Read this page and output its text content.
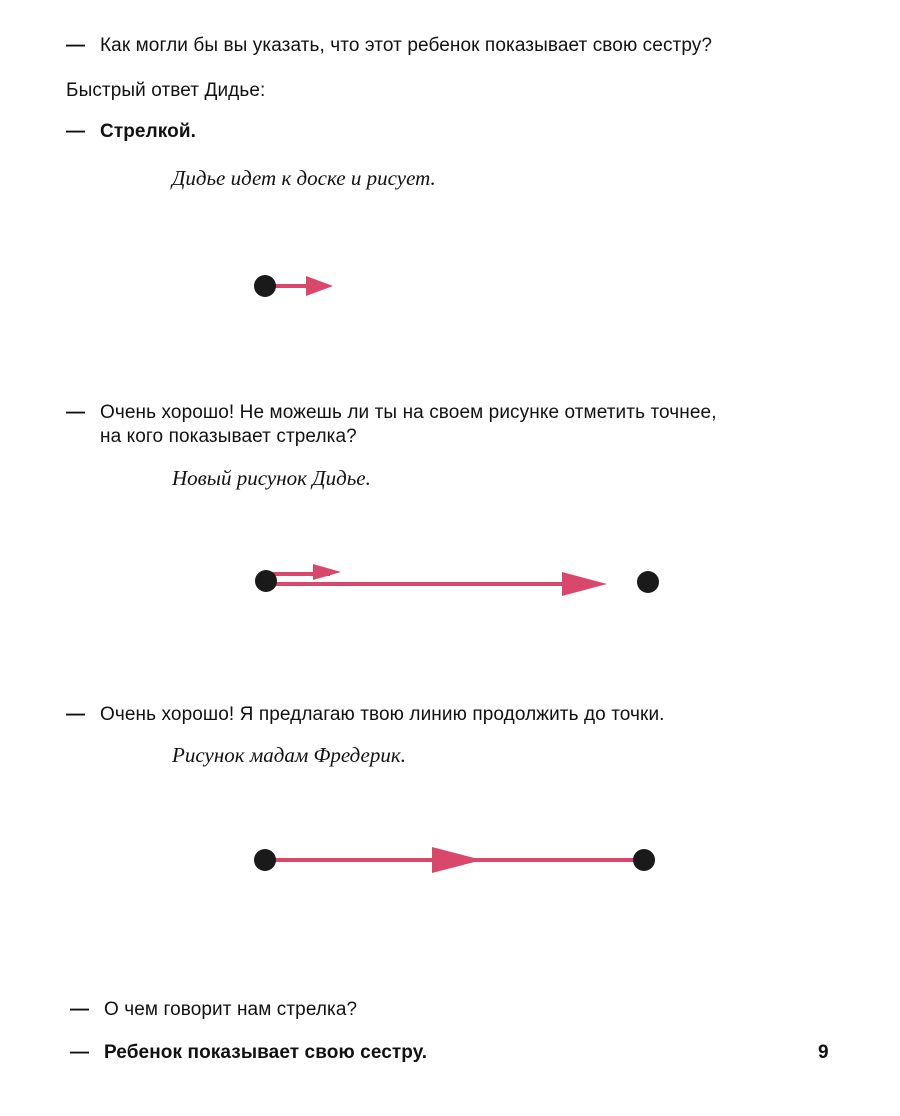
— Как могли бы вы указать, что этот ребенок показывает свою сестру?
Быстрый ответ Дидье:
— Стрелкой.
Дидье идет к доске и рисует.
— Очень хорошо! Не можешь ли ты на своем рисунке отметить точнее,
на кого показывает стрелка?
Новый рисунок Дидье.
— Очень хорошо! Я предлагаю твою линию продолжить до точки.
Рисунок мадам Фредерик.
— О чем говорит нам стрелка?
— Ребенок показывает свою сестру.	9
